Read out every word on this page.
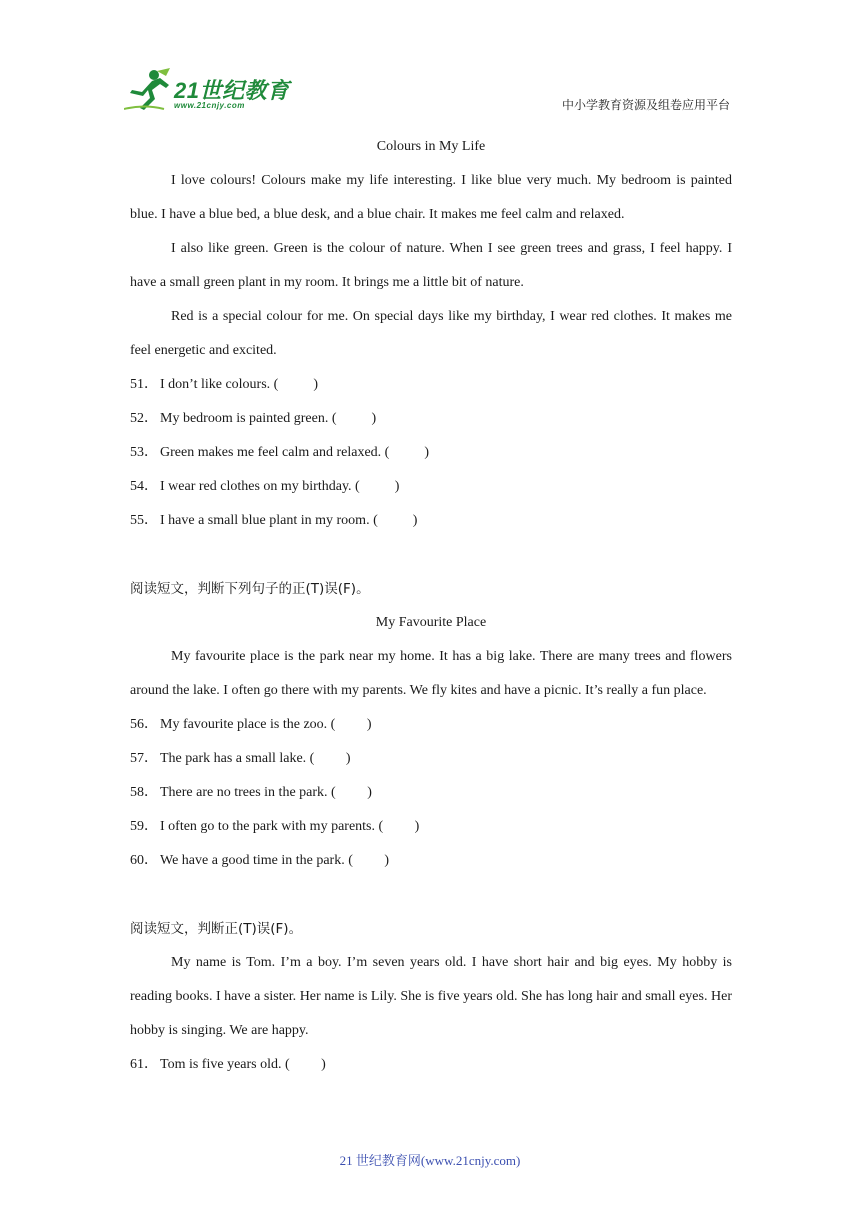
21世纪教育
www.21cnjy.com	中小学教育资源及组卷应用平台
Colours in My Life

I love colours! Colours make my life interesting. I like blue very much. My bedroom is painted blue. I have a blue bed, a blue desk, and a blue chair. It makes me feel calm and relaxed.

I also like green. Green is the colour of nature. When I see green trees and grass, I feel happy. I have a small green plant in my room. It brings me a little bit of nature.

Red is a special colour for me. On special days like my birthday, I wear red clothes. It makes me feel energetic and excited.

51． I don’t like colours. (          )
52． My bedroom is painted green. (          )
53． Green makes me feel calm and relaxed. (          )
54． I wear red clothes on my birthday. (          )
55． I have a small blue plant in my room. (          )
阅读短文，判断下列句子的正(T)误(F)。
My Favourite Place

My favourite place is the park near my home. It has a big lake. There are many trees and flowers around the lake. I often go there with my parents. We fly kites and have a picnic. It’s really a fun place.

56． My favourite place is the zoo. (         )
57． The park has a small lake. (         )
58． There are no trees in the park. (         )
59． I often go to the park with my parents. (         )
60． We have a good time in the park. (         )
阅读短文，判断正(T)误(F)。

My name is Tom. I’m a boy. I’m seven years old. I have short hair and big eyes. My hobby is reading books. I have a sister. Her name is Lily. She is five years old. She has long hair and small eyes. Her hobby is singing. We are happy.

61． Tom is five years old. (         )
21 世纪教育网(www.21cnjy.com)
